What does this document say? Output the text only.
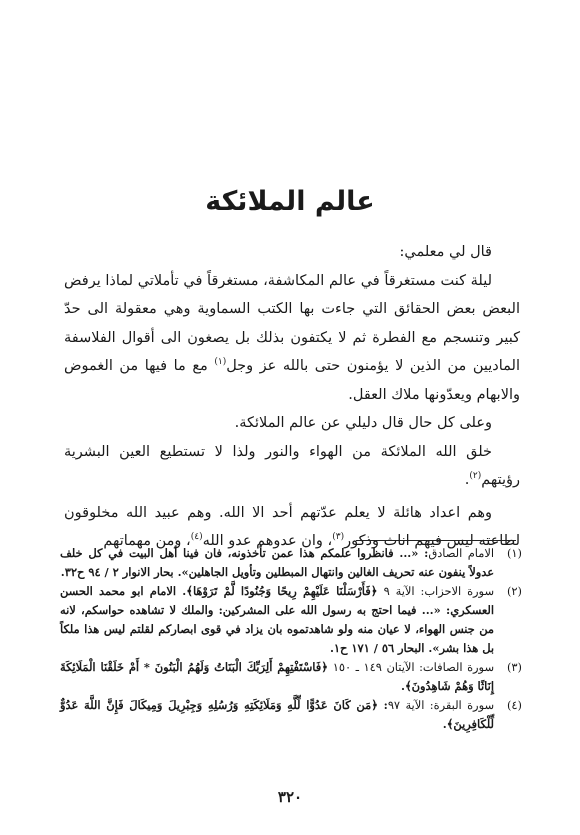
عالم الملائكة

قال لي معلمي:

ليلة كنت مستغرقاً في عالم المكاشفة، مستغرقاً في تأملاتي لماذا يرفض البعض بعض الحقائق التي جاءت بها الكتب السماوية وهي معقولة الى حدّ كبير وتنسجم مع الفطرة ثم لا يكتفون بذلك بل يصغون الى أقوال الفلاسفة الماديين من الذين لا يؤمنون حتى بالله عز وجل$^{(١)}$ مع ما فيها من الغموض والابهام ويعدّونها ملاك العقل.

وعلى كل حال قال دليلي عن عالم الملائكة.

خلق الله الملائكة من الهواء والنور ولذا لا تستطيع العين البشرية رؤيتهم$^{(٢)}$.

وهم اعداد هائلة لا يعلم عدّتهم أحد الا الله. وهم عبيد الله مخلوقون لطاعته ليس فيهم اناث وذكور$^{(٣)}$، وان عدوهم عدو الله$^{(٤)}$، ومن مهماتهم

(١)
الامام الصادق: «... فانظروا علمكم هذا عمن تأخذونه، فان فينا أهل البيت في كل خلف عدولاً ينفون عنه تحريف الغالين وانتهال المبطلين وتأويل الجاهلين». بحار الانوار ٢ / ٩٤ ح٣٢.
(٢)
سورة الاحزاب: الآية ٩ ﴿فَأَرْسَلْنَا عَلَيْهِمْ رِيحًا وَجُنُودًا لَّمْ تَرَوْهَا﴾. الامام ابو محمد الحسن العسكري: «... فيما احتج به رسول الله على المشركين: والملك لا تشاهده حواسكم، لانه من جنس الهواء، لا عيان منه ولو شاهدتموه بان يزاد في قوى ابصاركم لقلتم ليس هذا ملكاً بل هذا بشر». البحار ٥٦ / ١٧١ ح١.
(٣)
سورة الصافات: الآيتان ١٤٩ ـ ١٥٠ ﴿فَاسْتَفْتِهِمْ أَلِرَبِّكَ الْبَنَاتُ وَلَهُمُ الْبَنُونَ * أَمْ خَلَقْنَا الْمَلَائِكَةَ إِنَاثًا وَهُمْ شَاهِدُونَ﴾.
(٤)
سورة البقرة: الآية ٩٧: ﴿مَن كَانَ عَدُوًّا لِّلَّهِ وَمَلَائِكَتِهِ وَرُسُلِهِ وَجِبْرِيلَ وَمِيكَالَ فَإِنَّ اللَّهَ عَدُوٌّ لِّلْكَافِرِينَ﴾.
٣٢٠
